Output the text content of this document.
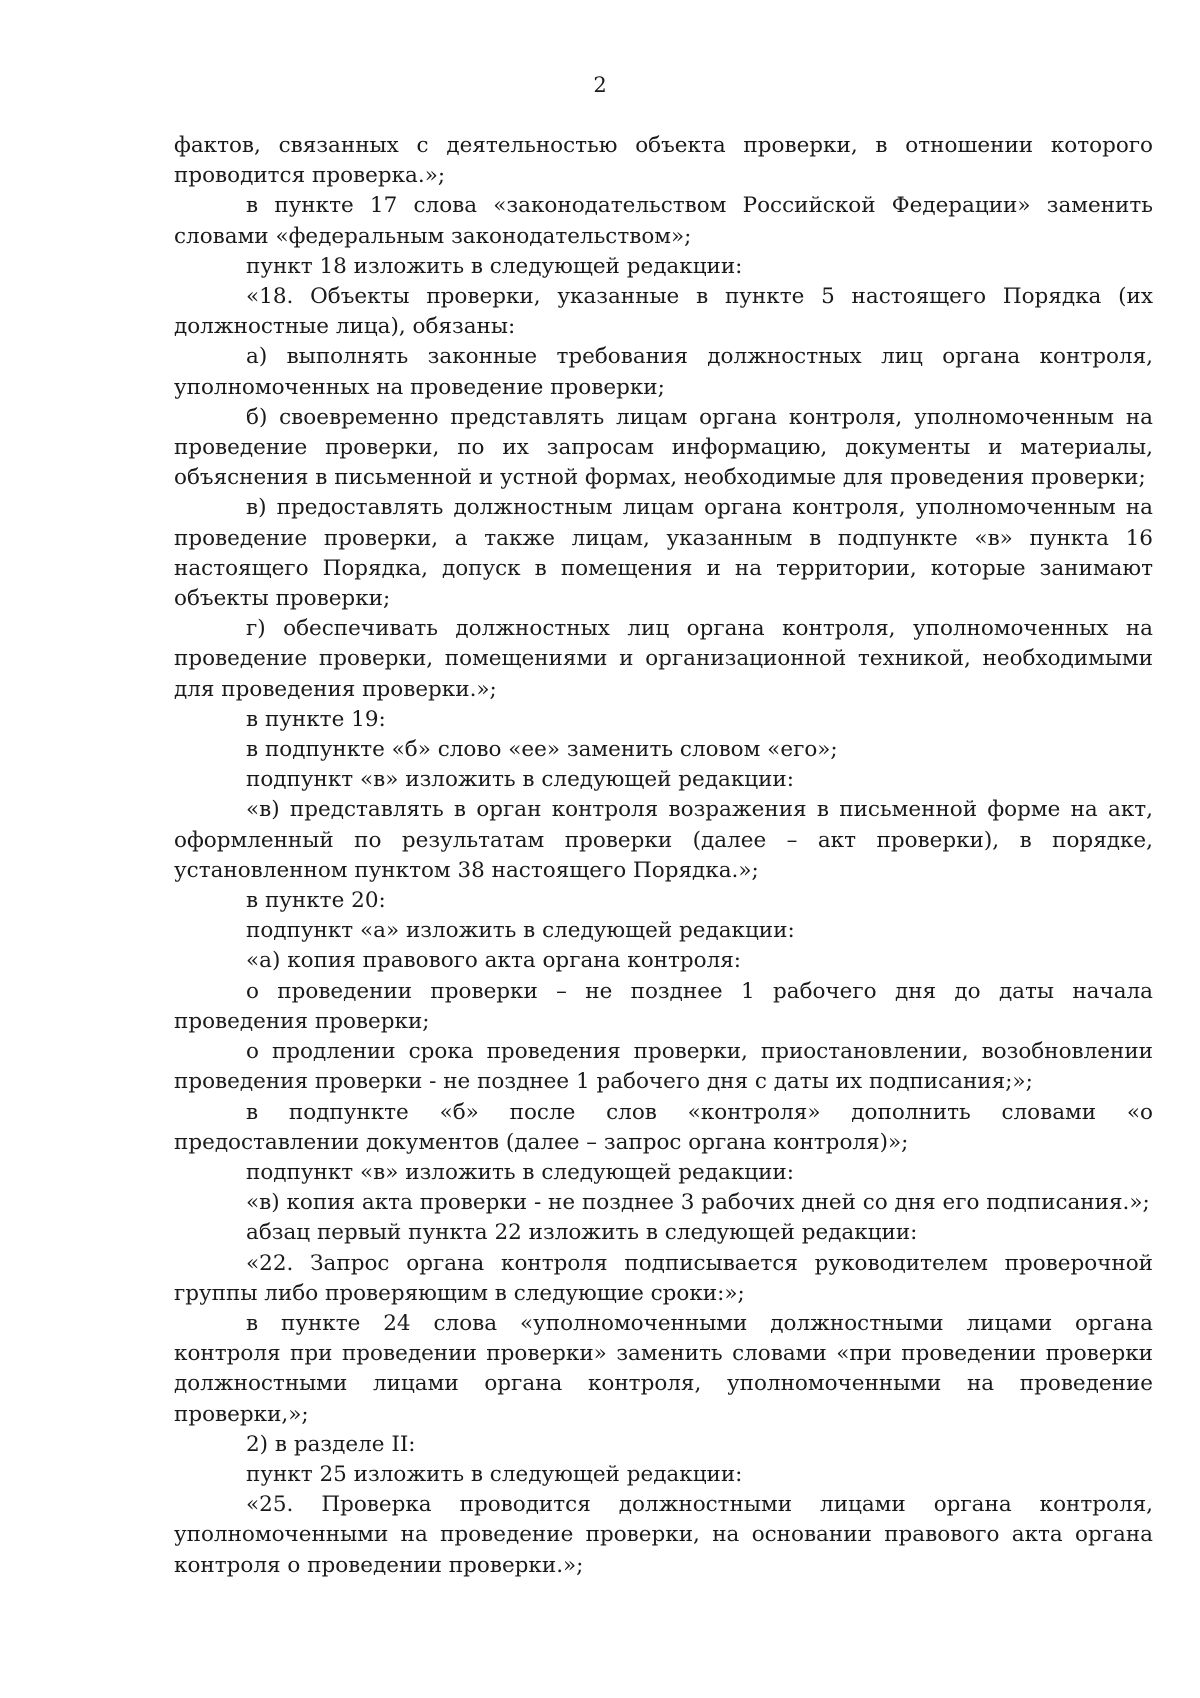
2

фактов, связанных с деятельностью объекта проверки, в отношении которого проводится проверка.»;

в пункте 17 слова «законодательством Российской Федерации» заменить словами «федеральным законодательством»;

пункт 18 изложить в следующей редакции:

«18. Объекты проверки, указанные в пункте 5 настоящего Порядка (их должностные лица), обязаны:

а) выполнять законные требования должностных лиц органа контроля, уполномоченных на проведение проверки;

б) своевременно представлять лицам органа контроля, уполномоченным на проведение проверки, по их запросам информацию, документы и материалы, объяснения в письменной и устной формах, необходимые для проведения проверки;

в) предоставлять должностным лицам органа контроля, уполномоченным на проведение проверки, а также лицам, указанным в подпункте «в» пункта 16 настоящего Порядка, допуск в помещения и на территории, которые занимают объекты проверки;

г) обеспечивать должностных лиц органа контроля, уполномоченных на проведение проверки, помещениями и организационной техникой, необходимыми для проведения проверки.»;

в пункте 19:

в подпункте «б» слово «ее» заменить словом «его»;

подпункт «в» изложить в следующей редакции:

«в) представлять в орган контроля возражения в письменной форме на акт, оформленный по результатам проверки (далее – акт проверки), в порядке, установленном пунктом 38 настоящего Порядка.»;

в пункте 20:

подпункт «а» изложить в следующей редакции:

«а) копия правового акта органа контроля:

о проведении проверки – не позднее 1 рабочего дня до даты начала проведения проверки;

о продлении срока проведения проверки, приостановлении, возобновлении проведения проверки - не позднее 1 рабочего дня с даты их подписания;»;

в подпункте «б» после слов «контроля» дополнить словами «о предоставлении документов (далее – запрос органа контроля)»;

подпункт «в» изложить в следующей редакции:

«в) копия акта проверки - не позднее 3 рабочих дней со дня его подписания.»;

абзац первый пункта 22 изложить в следующей редакции:

«22. Запрос органа контроля подписывается руководителем проверочной группы либо проверяющим в следующие сроки:»;

в пункте 24 слова «уполномоченными должностными лицами органа контроля при проведении проверки» заменить словами «при проведении проверки должностными лицами органа контроля, уполномоченными на проведение проверки,»;

2) в разделе II:

пункт 25 изложить в следующей редакции:

«25. Проверка проводится должностными лицами органа контроля, уполномоченными на проведение проверки, на основании правового акта органа контроля о проведении проверки.»;
